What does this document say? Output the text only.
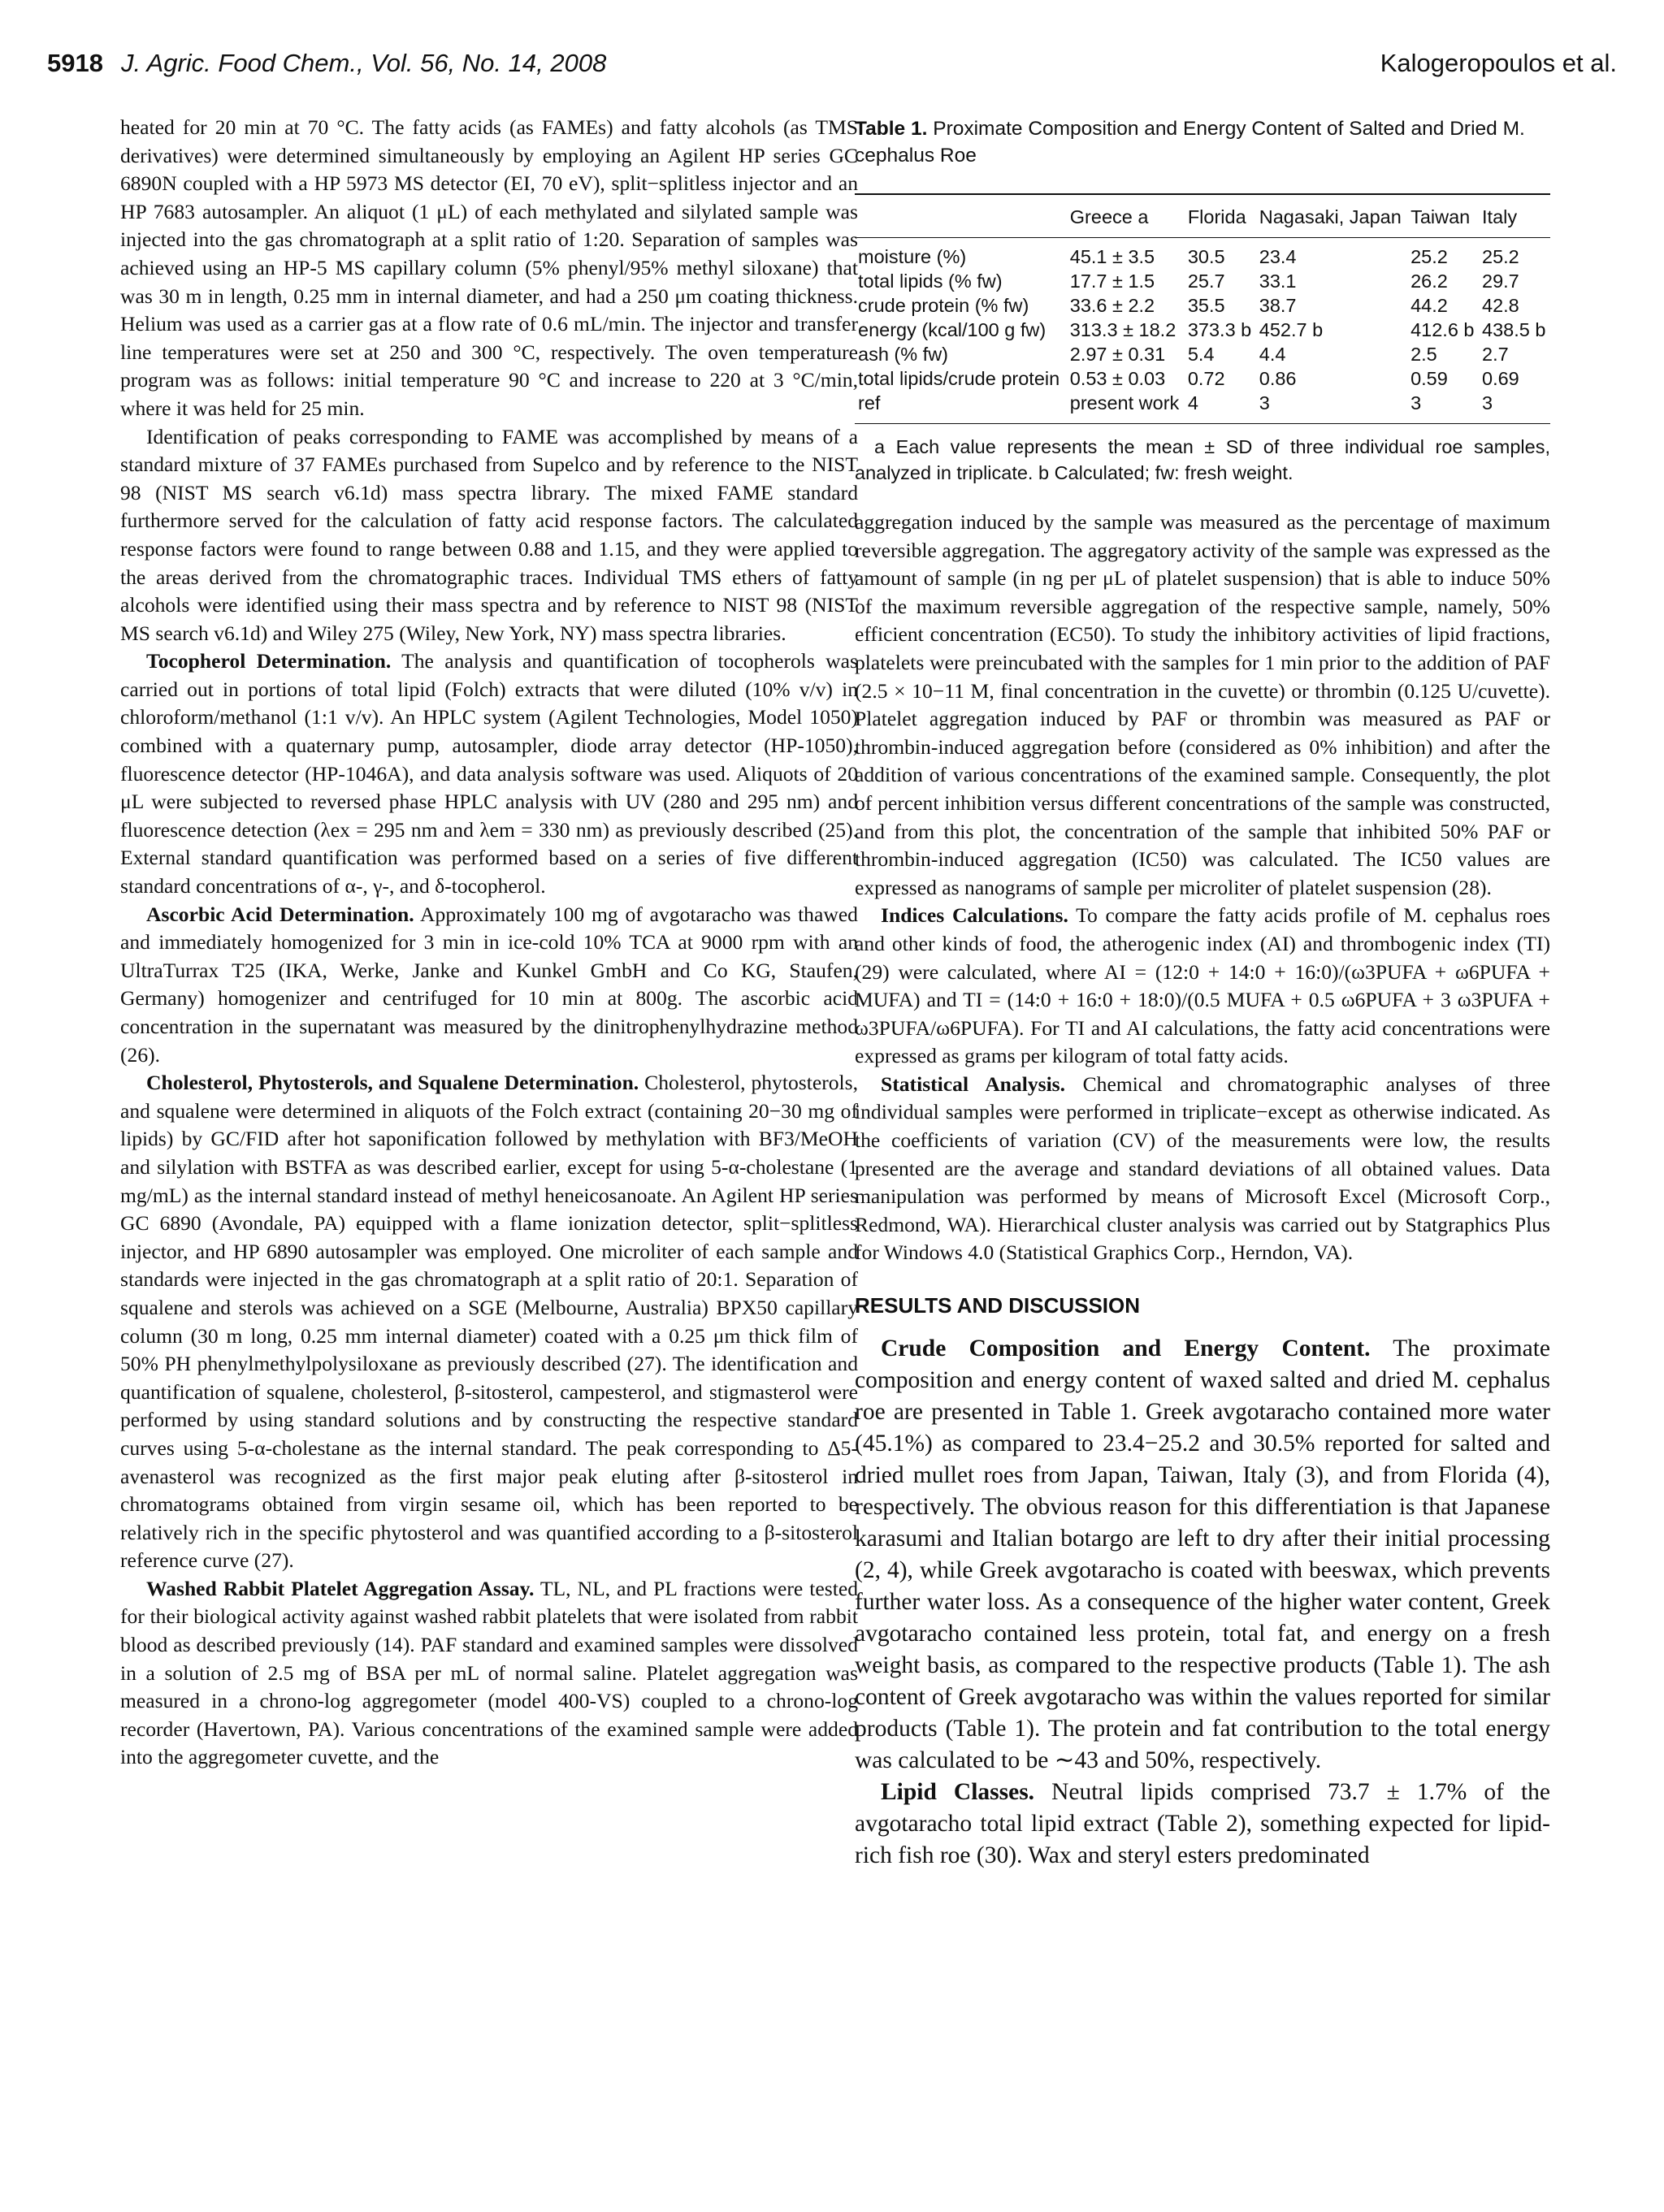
5918 J. Agric. Food Chem., Vol. 56, No. 14, 2008	Kalogeropoulos et al.

heated for 20 min at 70 °C. The fatty acids (as FAMEs) and fatty alcohols (as TMS derivatives) were determined simultaneously by employing an Agilent HP series GC 6890N coupled with a HP 5973 MS detector (EI, 70 eV), split−splitless injector and an HP 7683 autosampler. An aliquot (1 μL) of each methylated and silylated sample was injected into the gas chromatograph at a split ratio of 1:20. Separation of samples was achieved using an HP-5 MS capillary column (5% phenyl/95% methyl siloxane) that was 30 m in length, 0.25 mm in internal diameter, and had a 250 μm coating thickness. Helium was used as a carrier gas at a flow rate of 0.6 mL/min. The injector and transfer line temperatures were set at 250 and 300 °C, respectively. The oven temperature program was as follows: initial temperature 90 °C and increase to 220 at 3 °C/min, where it was held for 25 min.

Identification of peaks corresponding to FAME was accomplished by means of a standard mixture of 37 FAMEs purchased from Supelco and by reference to the NIST 98 (NIST MS search v6.1d) mass spectra library. The mixed FAME standard furthermore served for the calculation of fatty acid response factors. The calculated response factors were found to range between 0.88 and 1.15, and they were applied to the areas derived from the chromatographic traces. Individual TMS ethers of fatty alcohols were identified using their mass spectra and by reference to NIST 98 (NIST MS search v6.1d) and Wiley 275 (Wiley, New York, NY) mass spectra libraries.

Tocopherol Determination. The analysis and quantification of tocopherols was carried out in portions of total lipid (Folch) extracts that were diluted (10% v/v) in chloroform/methanol (1:1 v/v). An HPLC system (Agilent Technologies, Model 1050) combined with a quaternary pump, autosampler, diode array detector (HP-1050), fluorescence detector (HP-1046A), and data analysis software was used. Aliquots of 20 μL were subjected to reversed phase HPLC analysis with UV (280 and 295 nm) and fluorescence detection (λex = 295 nm and λem = 330 nm) as previously described (25). External standard quantification was performed based on a series of five different standard concentrations of α-, γ-, and δ-tocopherol.

Ascorbic Acid Determination. Approximately 100 mg of avgotaracho was thawed and immediately homogenized for 3 min in ice-cold 10% TCA at 9000 rpm with an UltraTurrax T25 (IKA, Werke, Janke and Kunkel GmbH and Co KG, Staufen, Germany) homogenizer and centrifuged for 10 min at 800g. The ascorbic acid concentration in the supernatant was measured by the dinitrophenylhydrazine method (26).

Cholesterol, Phytosterols, and Squalene Determination. Cholesterol, phytosterols, and squalene were determined in aliquots of the Folch extract (containing 20−30 mg of lipids) by GC/FID after hot saponification followed by methylation with BF3/MeOH and silylation with BSTFA as was described earlier, except for using 5-α-cholestane (1 mg/mL) as the internal standard instead of methyl heneicosanoate. An Agilent HP series GC 6890 (Avondale, PA) equipped with a flame ionization detector, split−splitless injector, and HP 6890 autosampler was employed. One microliter of each sample and standards were injected in the gas chromatograph at a split ratio of 20:1. Separation of squalene and sterols was achieved on a SGE (Melbourne, Australia) BPX50 capillary column (30 m long, 0.25 mm internal diameter) coated with a 0.25 μm thick film of 50% PH phenylmethylpolysiloxane as previously described (27). The identification and quantification of squalene, cholesterol, β-sitosterol, campesterol, and stigmasterol were performed by using standard solutions and by constructing the respective standard curves using 5-α-cholestane as the internal standard. The peak corresponding to Δ5-avenasterol was recognized as the first major peak eluting after β-sitosterol in chromatograms obtained from virgin sesame oil, which has been reported to be relatively rich in the specific phytosterol and was quantified according to a β-sitosterol reference curve (27).

Washed Rabbit Platelet Aggregation Assay. TL, NL, and PL fractions were tested for their biological activity against washed rabbit platelets that were isolated from rabbit blood as described previously (14). PAF standard and examined samples were dissolved in a solution of 2.5 mg of BSA per mL of normal saline. Platelet aggregation was measured in a chrono-log aggregometer (model 400-VS) coupled to a chrono-log recorder (Havertown, PA). Various concentrations of the examined sample were added into the aggregometer cuvette, and the

Table 1. Proximate Composition and Energy Content of Salted and Dried M. cephalus Roe
	Greece a	Florida	Nagasaki, Japan	Taiwan	Italy
moisture (%)	45.1 ± 3.5	30.5	23.4	25.2	25.2
total lipids (% fw)	17.7 ± 1.5	25.7	33.1	26.2	29.7
crude protein (% fw)	33.6 ± 2.2	35.5	38.7	44.2	42.8
energy (kcal/100 g fw)	313.3 ± 18.2	373.3 b	452.7 b	412.6 b	438.5 b
ash (% fw)	2.97 ± 0.31	5.4	4.4	2.5	2.7
total lipids/crude protein	0.53 ± 0.03	0.72	0.86	0.59	0.69
ref	present work	4	3	3	3
a Each value represents the mean ± SD of three individual roe samples, analyzed in triplicate. b Calculated; fw: fresh weight.

aggregation induced by the sample was measured as the percentage of maximum reversible aggregation. The aggregatory activity of the sample was expressed as the amount of sample (in ng per μL of platelet suspension) that is able to induce 50% of the maximum reversible aggregation of the respective sample, namely, 50% efficient concentration (EC50). To study the inhibitory activities of lipid fractions, platelets were preincubated with the samples for 1 min prior to the addition of PAF (2.5 × 10−11 M, final concentration in the cuvette) or thrombin (0.125 U/cuvette). Platelet aggregation induced by PAF or thrombin was measured as PAF or thrombin-induced aggregation before (considered as 0% inhibition) and after the addition of various concentrations of the examined sample. Consequently, the plot of percent inhibition versus different concentrations of the sample was constructed, and from this plot, the concentration of the sample that inhibited 50% PAF or thrombin-induced aggregation (IC50) was calculated. The IC50 values are expressed as nanograms of sample per microliter of platelet suspension (28).

Indices Calculations. To compare the fatty acids profile of M. cephalus roes and other kinds of food, the atherogenic index (AI) and thrombogenic index (TI) (29) were calculated, where AI = (12:0 + 14:0 + 16:0)/(ω3PUFA + ω6PUFA + MUFA) and TI = (14:0 + 16:0 + 18:0)/(0.5 MUFA + 0.5 ω6PUFA + 3 ω3PUFA + ω3PUFA/ω6PUFA). For TI and AI calculations, the fatty acid concentrations were expressed as grams per kilogram of total fatty acids.

Statistical Analysis. Chemical and chromatographic analyses of three individual samples were performed in triplicate−except as otherwise indicated. As the coefficients of variation (CV) of the measurements were low, the results presented are the average and standard deviations of all obtained values. Data manipulation was performed by means of Microsoft Excel (Microsoft Corp., Redmond, WA). Hierarchical cluster analysis was carried out by Statgraphics Plus for Windows 4.0 (Statistical Graphics Corp., Herndon, VA).

RESULTS AND DISCUSSION

Crude Composition and Energy Content. The proximate composition and energy content of waxed salted and dried M. cephalus roe are presented in Table 1. Greek avgotaracho contained more water (45.1%) as compared to 23.4−25.2 and 30.5% reported for salted and dried mullet roes from Japan, Taiwan, Italy (3), and from Florida (4), respectively. The obvious reason for this differentiation is that Japanese karasumi and Italian botargo are left to dry after their initial processing (2, 4), while Greek avgotaracho is coated with beeswax, which prevents further water loss. As a consequence of the higher water content, Greek avgotaracho contained less protein, total fat, and energy on a fresh weight basis, as compared to the respective products (Table 1). The ash content of Greek avgotaracho was within the values reported for similar products (Table 1). The protein and fat contribution to the total energy was calculated to be ∼43 and 50%, respectively.

Lipid Classes. Neutral lipids comprised 73.7 ± 1.7% of the avgotaracho total lipid extract (Table 2), something expected for lipid-rich fish roe (30). Wax and steryl esters predominated
